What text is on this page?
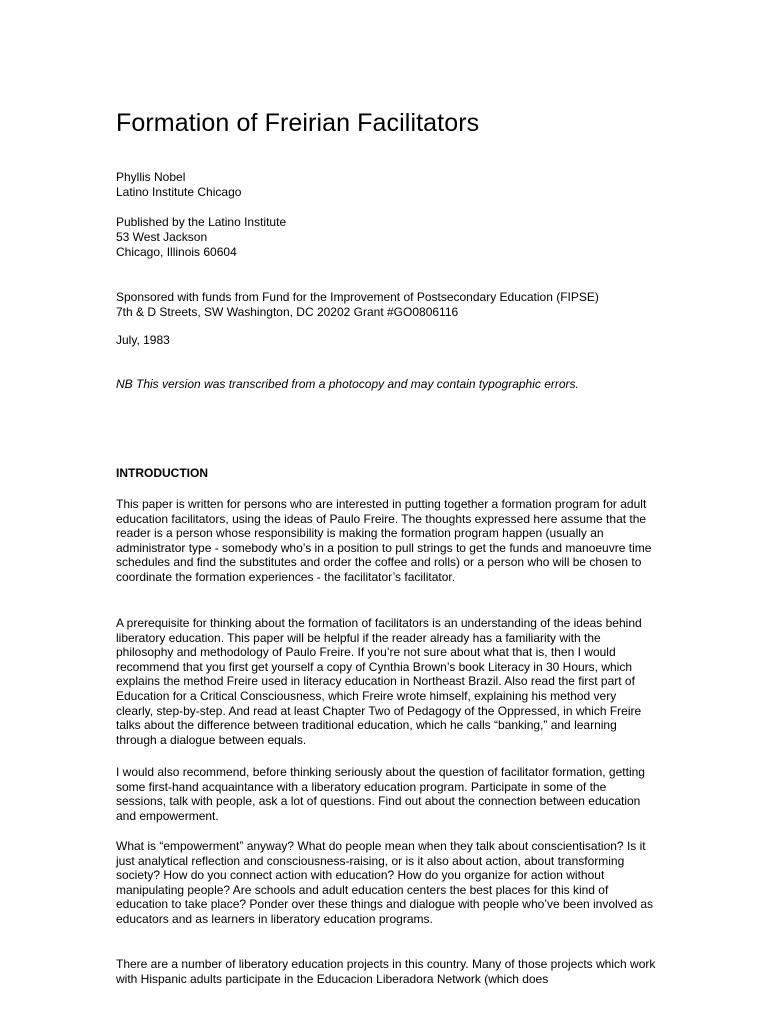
Formation of Freirian Facilitators
Phyllis Nobel
Latino Institute Chicago
Published by the Latino Institute
53 West Jackson
Chicago, Illinois 60604
Sponsored with funds from Fund for the Improvement of Postsecondary Education (FIPSE)
7th & D Streets, SW Washington, DC 20202 Grant #GO0806116
July, 1983
NB This version was transcribed from a photocopy and may contain typographic errors.
INTRODUCTION
This paper is written for persons who are interested in putting together a formation program for adult education facilitators, using the ideas of Paulo Freire. The thoughts expressed here assume that the reader is a person whose responsibility is making the formation program happen (usually an administrator type - somebody who’s in a position to pull strings to get the funds and manoeuvre time schedules and find the substitutes and order the coffee and rolls) or a person who will be chosen to coordinate the formation experiences - the facilitator’s facilitator.
A prerequisite for thinking about the formation of facilitators is an understanding of the ideas behind liberatory education. This paper will be helpful if the reader already has a familiarity with the philosophy and methodology of Paulo Freire. If you’re not sure about what that is, then I would recommend that you first get yourself a copy of Cynthia Brown’s book Literacy in 30 Hours, which explains the method Freire used in literacy education in Northeast Brazil. Also read the first part of Education for a Critical Consciousness, which Freire wrote himself, explaining his method very clearly, step-by-step. And read at least Chapter Two of Pedagogy of the Oppressed, in which Freire talks about the difference between traditional education, which he calls “banking,” and learning through a dialogue between equals.
I would also recommend, before thinking seriously about the question of facilitator formation, getting some first-hand acquaintance with a liberatory education program. Participate in some of the sessions, talk with people, ask a lot of questions. Find out about the connection between education and empowerment.
What is “empowerment” anyway? What do people mean when they talk about conscientisation? Is it just analytical reflection and consciousness-raising, or is it also about action, about transforming society? How do you connect action with education? How do you organize for action without manipulating people? Are schools and adult education centers the best places for this kind of education to take place? Ponder over these things and dialogue with people who’ve been involved as educators and as learners in liberatory education programs.
There are a number of liberatory education projects in this country. Many of those projects which work with Hispanic adults participate in the Educacion Liberadora Network (which does
